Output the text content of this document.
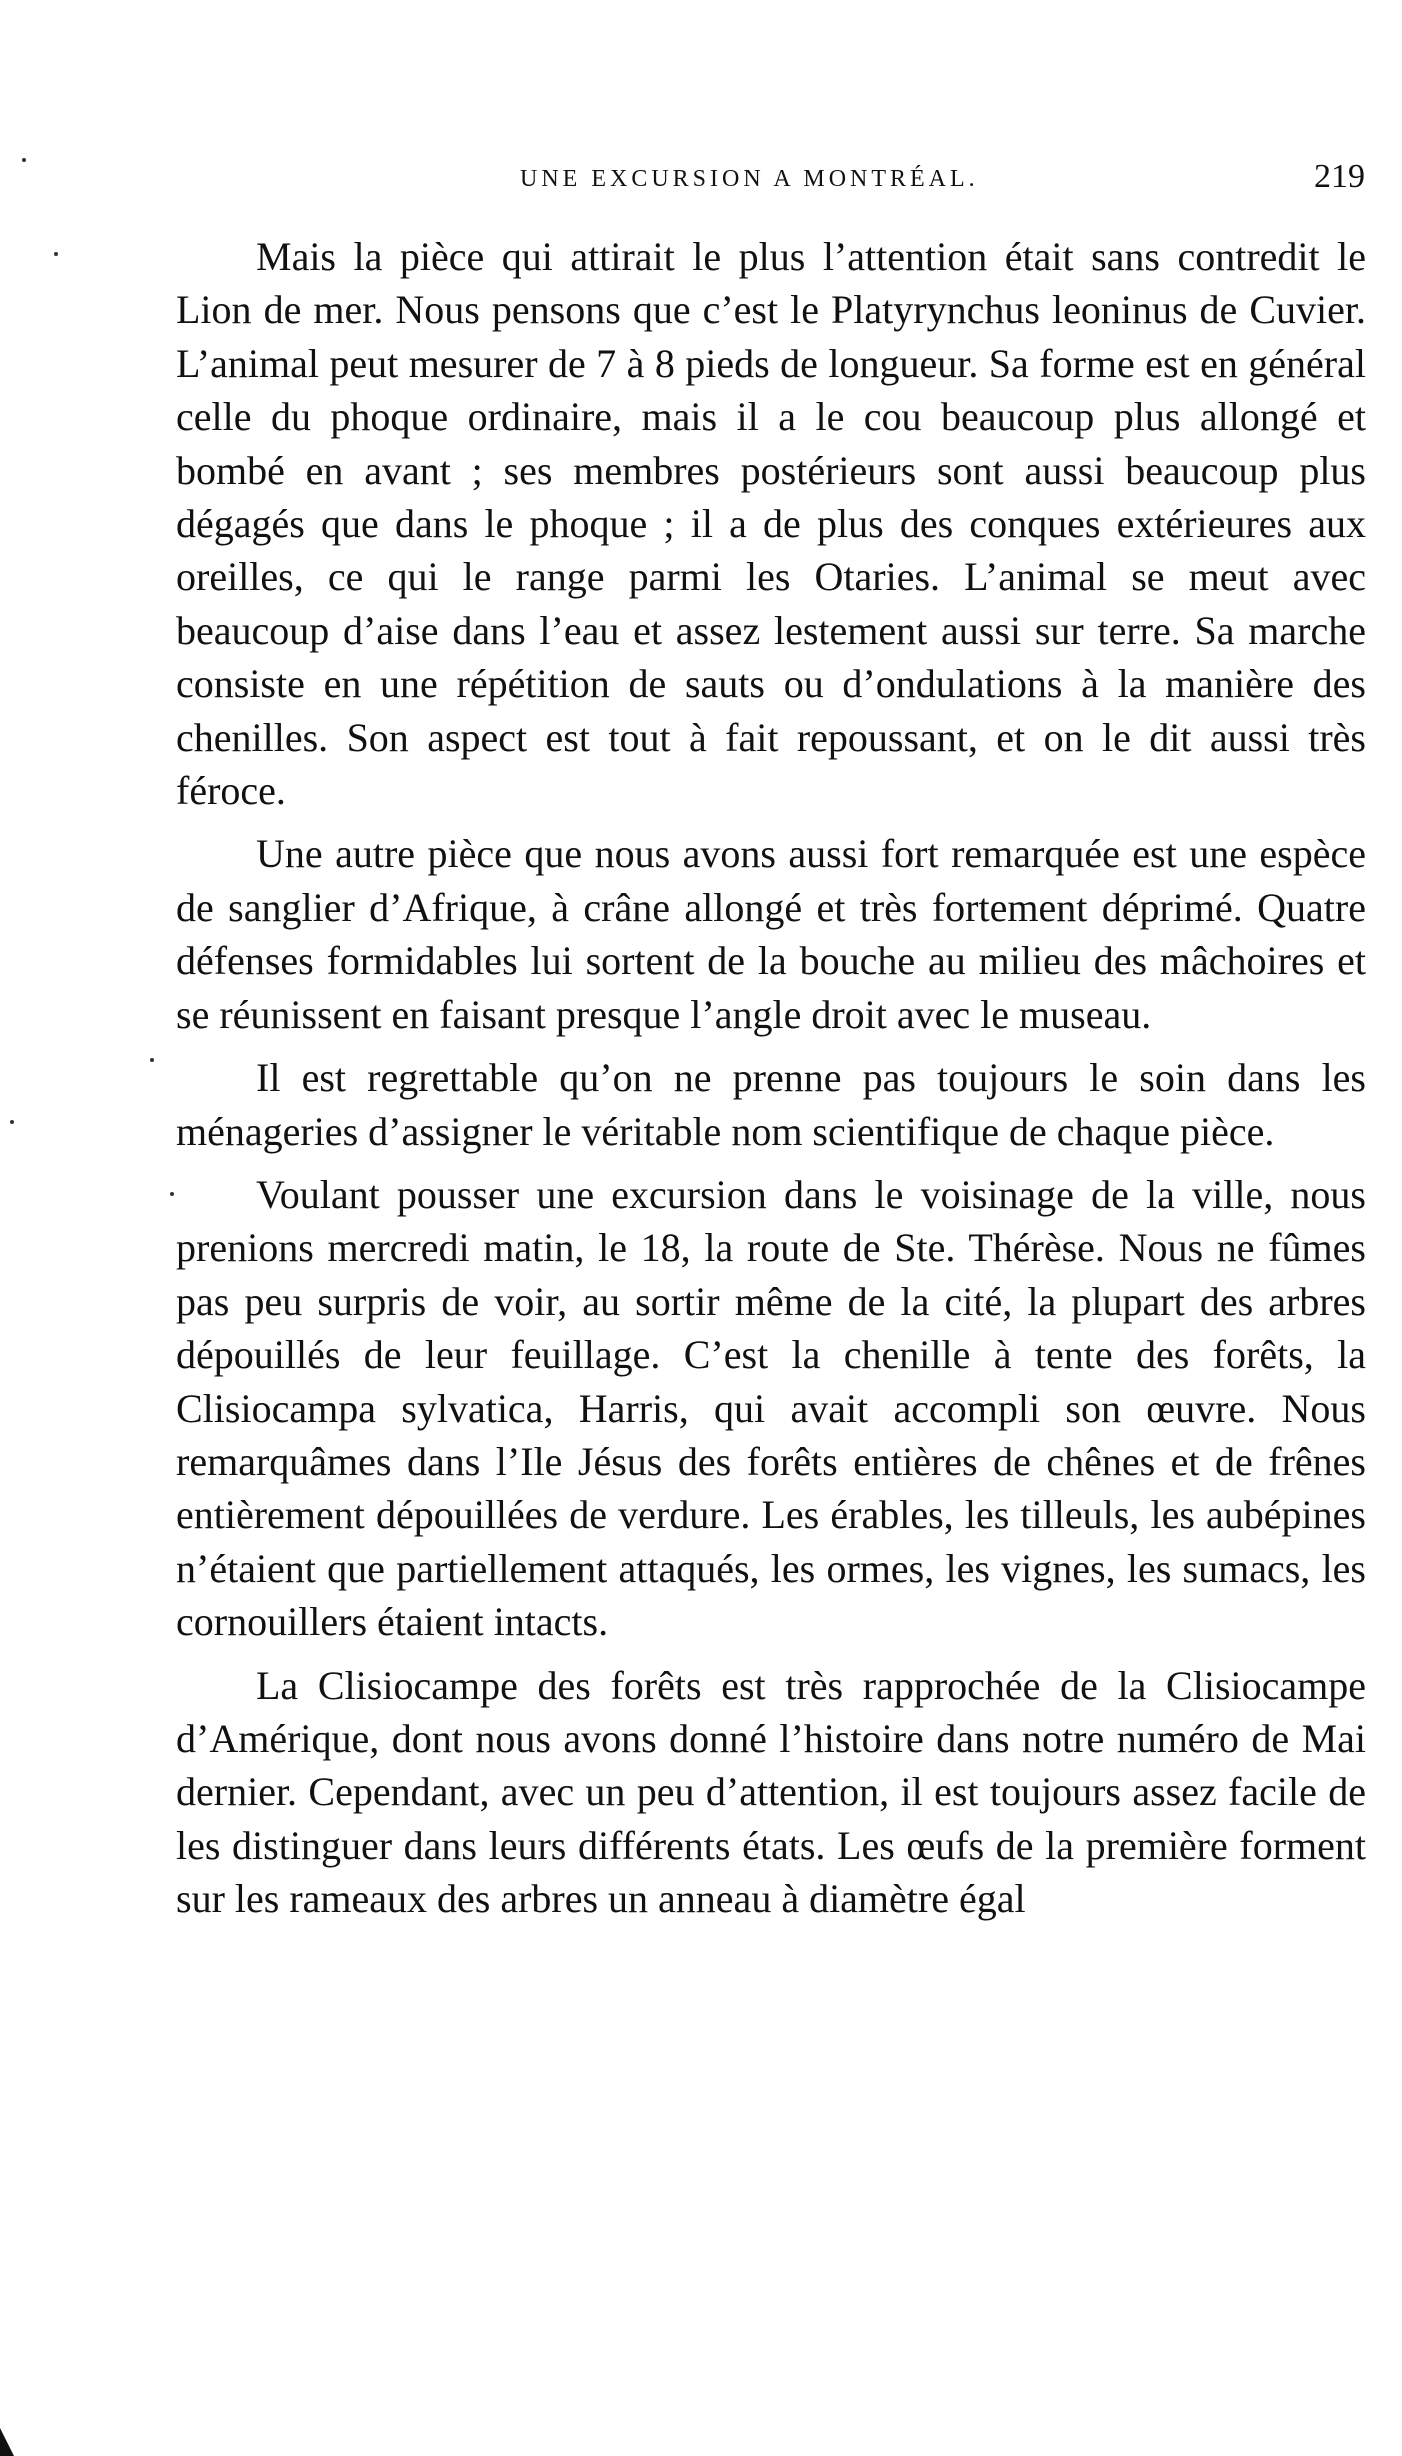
UNE EXCURSION A MONTRÉAL.	219

Mais la pièce qui attirait le plus l’attention était sans contredit le Lion de mer. Nous pensons que c’est le Platyrynchus leoninus de Cuvier. L’animal peut mesurer de 7 à 8 pieds de longueur. Sa forme est en général celle du phoque ordinaire, mais il a le cou beaucoup plus allongé et bombé en avant ; ses membres postérieurs sont aussi beaucoup plus dégagés que dans le phoque ; il a de plus des conques extérieures aux oreilles, ce qui le range parmi les Otaries. L’animal se meut avec beaucoup d’aise dans l’eau et assez lestement aussi sur terre. Sa marche consiste en une répétition de sauts ou d’ondulations à la manière des chenilles. Son aspect est tout à fait repoussant, et on le dit aussi très féroce.

Une autre pièce que nous avons aussi fort remarquée est une espèce de sanglier d’Afrique, à crâne allongé et très fortement déprimé. Quatre défenses formidables lui sortent de la bouche au milieu des mâchoires et se réunissent en faisant presque l’angle droit avec le museau.

Il est regrettable qu’on ne prenne pas toujours le soin dans les ménageries d’assigner le véritable nom scientifique de chaque pièce.

Voulant pousser une excursion dans le voisinage de la ville, nous prenions mercredi matin, le 18, la route de Ste. Thérèse. Nous ne fûmes pas peu surpris de voir, au sortir même de la cité, la plupart des arbres dépouillés de leur feuillage. C’est la chenille à tente des forêts, la Clisiocampa sylvatica, Harris, qui avait accompli son œuvre. Nous remarquâmes dans l’Ile Jésus des forêts entières de chênes et de frênes entièrement dépouillées de verdure. Les érables, les tilleuls, les aubépines n’étaient que partiellement attaqués, les ormes, les vignes, les sumacs, les cornouillers étaient intacts.

La Clisiocampe des forêts est très rapprochée de la Clisiocampe d’Amérique, dont nous avons donné l’histoire dans notre numéro de Mai dernier. Cependant, avec un peu d’attention, il est toujours assez facile de les distinguer dans leurs différents états. Les œufs de la première forment sur les rameaux des arbres un anneau à diamètre égal
